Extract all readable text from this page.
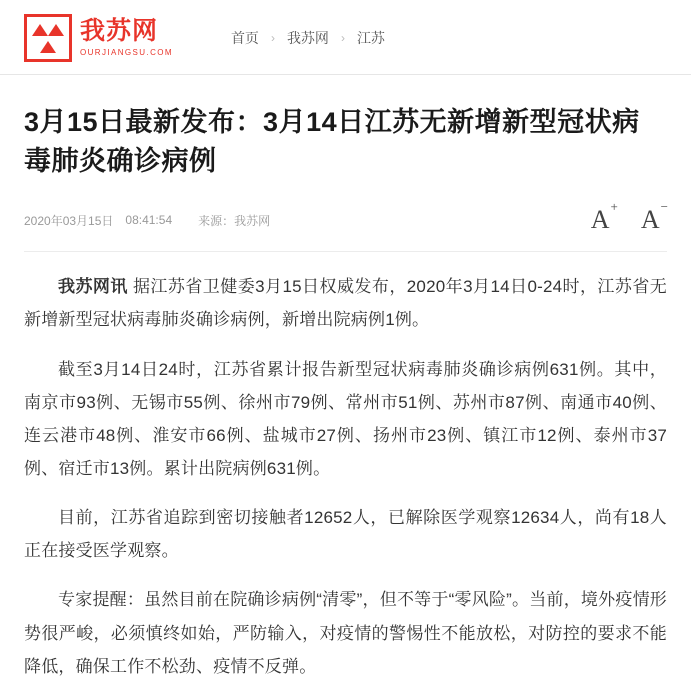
我苏网
OURJIANGSU.COM
首页 › 我苏网 › 江苏
3月15日最新发布：3月14日江苏无新增新型冠状病毒肺炎确诊病例
2020年03月15日 08:41:54 来源：我苏网	A+ A−

我苏网讯 据江苏省卫健委3月15日权威发布，2020年3月14日0-24时，江苏省无新增新型冠状病毒肺炎确诊病例，新增出院病例1例。

截至3月14日24时，江苏省累计报告新型冠状病毒肺炎确诊病例631例。其中，南京市93例、无锡市55例、徐州市79例、常州市51例、苏州市87例、南通市40例、连云港市48例、淮安市66例、盐城市27例、扬州市23例、镇江市12例、泰州市37例、宿迁市13例。累计出院病例631例。

目前，江苏省追踪到密切接触者12652人，已解除医学观察12634人，尚有18人正在接受医学观察。

专家提醒：虽然目前在院确诊病例“清零”，但不等于“零风险”。当前，境外疫情形势很严峻，必须慎终如始，严防输入，对疫情的警惕性不能放松，对防控的要求不能降低，确保工作不松劲、疫情不反弹。
